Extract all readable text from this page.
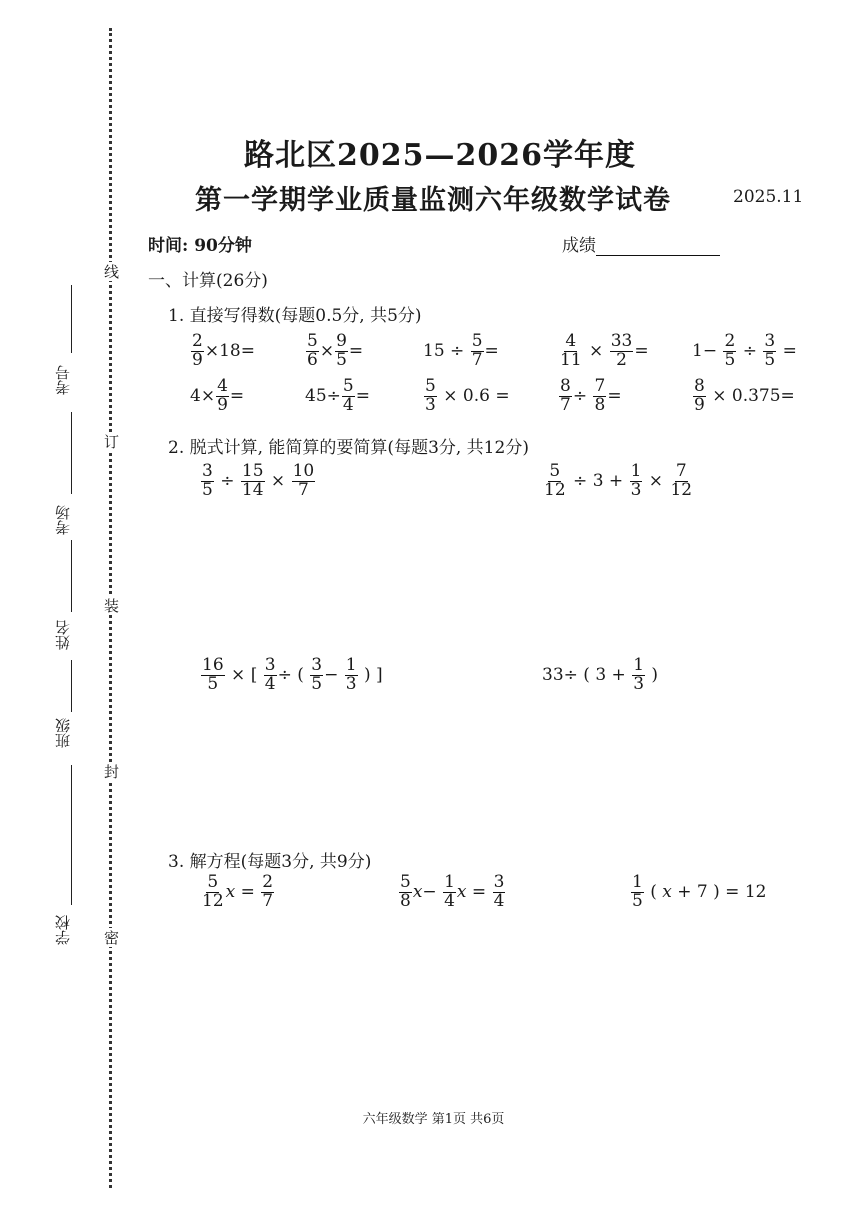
线
订
装
封
密
考号
考场
姓名
班级
学校
路北区2025—2026学年度
第一学期学业质量监测六年级数学试卷	2025.11
时间: 90分钟	成绩
一、计算(26分)
1. 直接写得数(每题0.5分, 共5分)
$\frac{2}{9} \times 18=$	$\frac{5}{6} \times \frac{9}{5}$ =	$15 \div \frac{5}{7}$ =	$\frac{4}{11} \times \frac{33}{2}$ =	$1- \frac{2}{5} \div \frac{3}{5}$ =
$4\times \frac{4}{9}$ =	$45\div \frac{5}{4}$ =	$\frac{5}{3} \times 0.6$ =	$\frac{8}{7} \div \frac{7}{8}$ =	$\frac{8}{9} \times 0.375=$
2. 脱式计算, 能简算的要简算(每题3分, 共12分)
$\frac{3}{5} \div \frac{15}{14} \times \frac{10}{7}$	$\frac{5}{12} \div 3 + \frac{1}{3} \times \frac{7}{12}$
$\frac{16}{5}$ × [ $\frac{3}{4}$ ÷ ( $\frac{3}{5} - \frac{1}{3}$ ) ]	33÷ ( $3 + \frac{1}{3}$ )
3. 解方程(每题3分, 共9分)
$\frac{5}{12}$ $x = \frac{2}{7}$	$\frac{5}{8} x- \frac{1}{4}$ $x = \frac{3}{4}$	$\frac{1}{5}$ ( x + 7 ) = 12
六年级数学 第1页 共6页
